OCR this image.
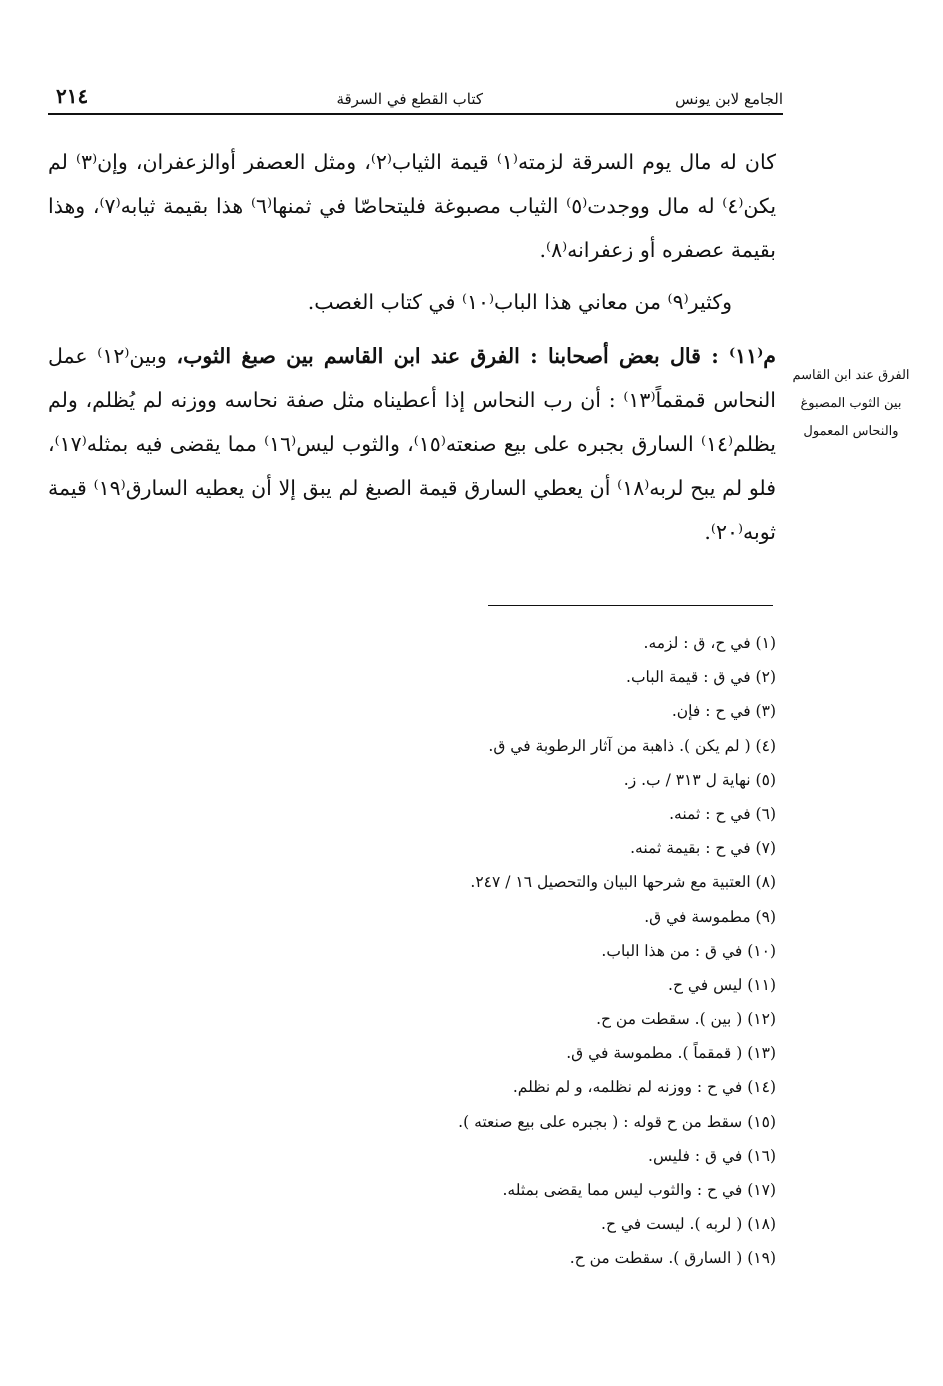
الجامع لابن يونس
كتاب القطع في السرقة
٢١٤

كان له مال يوم السرقة لزمته⁽١⁾ قيمة الثياب⁽٢⁾، ومثل العصفر أوالزعفران، وإن⁽٣⁾ لم يكن⁽٤⁾ له مال ووجدت⁽٥⁾ الثياب مصبوغة فليتحاصّا في ثمنها⁽٦⁾ هذا بقيمة ثيابه⁽٧⁾، وهذا بقيمة عصفره أو زعفرانه⁽٨⁾.

وكثير⁽٩⁾ من معاني هذا الباب⁽١٠⁾ في كتاب الغصب.

م⁽١١⁾ : قال بعض أصحابنا : الفرق عند ابن القاسم بين صبغ الثوب، وبين⁽١٢⁾ عمل النحاس قمقماً⁽١٣⁾ : أن رب النحاس إذا أعطيناه مثل صفة نحاسه ووزنه لم يُظلم، ولم يظلم⁽١٤⁾ السارق بجبره على بيع صنعته⁽١٥⁾، والثوب ليس⁽١٦⁾ مما يقضى فيه بمثله⁽١٧⁾، فلو لم يبح لربه⁽١٨⁾ أن يعطي السارق قيمة الصبغ لم يبق إلا أن يعطيه السارق⁽١٩⁾ قيمة ثوبه⁽٢٠⁾.

الفرق عند ابن القاسم
بين الثوب المصبوغ
والنحاس المعمول
(١) في ح، ق : لزمه.
(٢) في ق : قيمة الباب.
(٣) في ح : فإن.
(٤) ( لم يكن ). ذاهبة من آثار الرطوبة في ق.
(٥) نهاية ل ٣١٣ / ب. ز.
(٦) في ح : ثمنه.
(٧) في ح : بقيمة ثمنه.
(٨) العتبية مع شرحها البيان والتحصيل ١٦ / ٢٤٧.
(٩) مطموسة في ق.
(١٠) في ق : من هذا الباب.
(١١) ليس في ح.
(١٢) ( بين ). سقطت من ح.
(١٣) ( قمقماً ). مطموسة في ق.
(١٤) في ح : ووزنه لم نظلمه، و لم نظلم.
(١٥) سقط من ح قوله : ( بجبره على بيع صنعته ).
(١٦) في ق : فليس.
(١٧) في ح : والثوب ليس مما يقضى بمثله.
(١٨) ( لربه ). ليست في ح.
(١٩) ( السارق ). سقطت من ح.
